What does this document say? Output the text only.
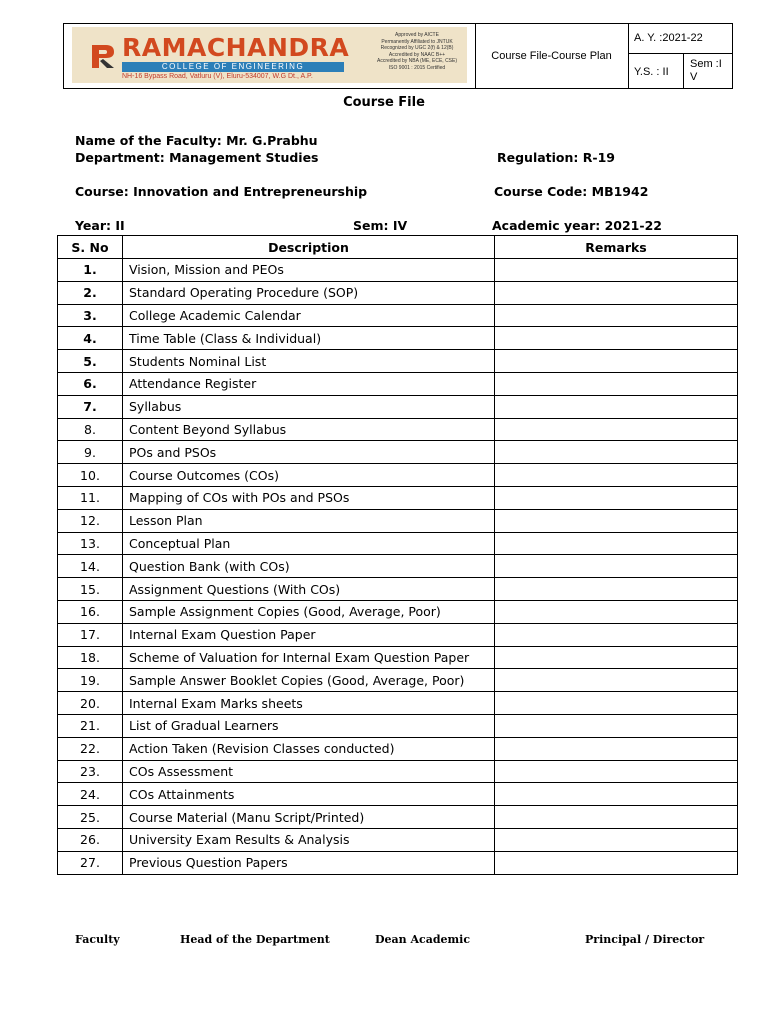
RAMACHANDRA
COLLEGE OF ENGINEERING
NH-16 Bypass Road, Vatluru (V), Eluru-534007, W.G Dt., A.P.
Approved by AICTE
Permanently Affiliated to JNTUK
Recognized by UGC 2(f) & 12(B)
Accredited by NAAC B++
Accredited by NBA (ME, ECE, CSE)
ISO 9001 : 2015 Certified
Course File-Course Plan
A. Y. :2021-22
Y.S. : II
Sem :I
V
Course File
Name of the Faculty: Mr. G.Prabhu
Department: Management Studies	Regulation: R-19
Course: Innovation and Entrepreneurship	Course Code: MB1942
Year: II	Sem: IV	Academic year: 2021-22
S. No	Description	Remarks
1.	Vision, Mission and PEOs	
2.	Standard Operating Procedure (SOP)	
3.	College Academic Calendar	
4.	Time Table (Class & Individual)	
5.	Students Nominal List	
6.	Attendance Register	
7.	Syllabus	
8.	Content Beyond Syllabus	
9.	POs and PSOs	
10.	Course Outcomes (COs)	
11.	Mapping of COs with POs and PSOs	
12.	Lesson Plan	
13.	Conceptual Plan	
14.	Question Bank (with COs)	
15.	Assignment Questions (With COs)	
16.	Sample Assignment Copies (Good, Average, Poor)	
17.	Internal Exam Question Paper	
18.	Scheme of Valuation for Internal Exam Question Paper	
19.	Sample Answer Booklet Copies (Good, Average, Poor)	
20.	Internal Exam Marks sheets	
21.	List of Gradual Learners	
22.	Action Taken (Revision Classes conducted)	
23.	COs Assessment	
24.	COs Attainments	
25.	Course Material (Manu Script/Printed)	
26.	University Exam Results & Analysis	
27.	Previous Question Papers	
Faculty	Head of the Department	Dean Academic	Principal / Director
